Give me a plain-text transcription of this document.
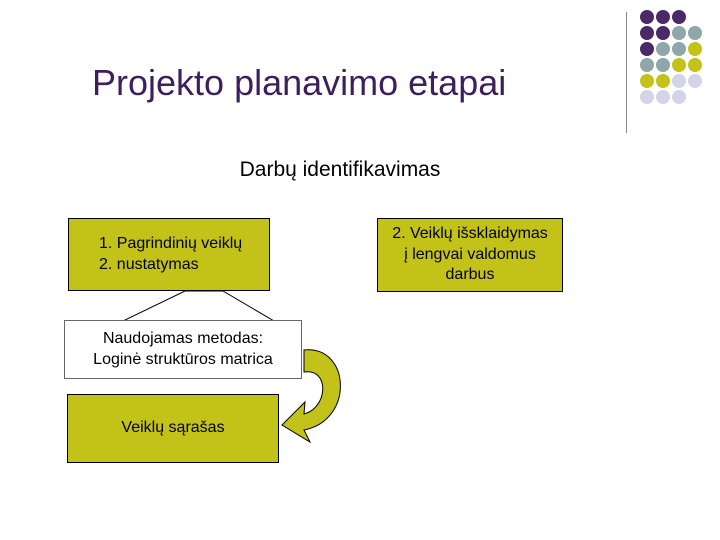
Projekto planavimo etapai
Darbų identifikavimas
1. Pagrindinių veiklų
2. nustatymas
2. Veiklų išsklaidymas
į lengvai valdomus
darbus
Naudojamas metodas:
Loginė struktūros matrica
Veiklų sąrašas
